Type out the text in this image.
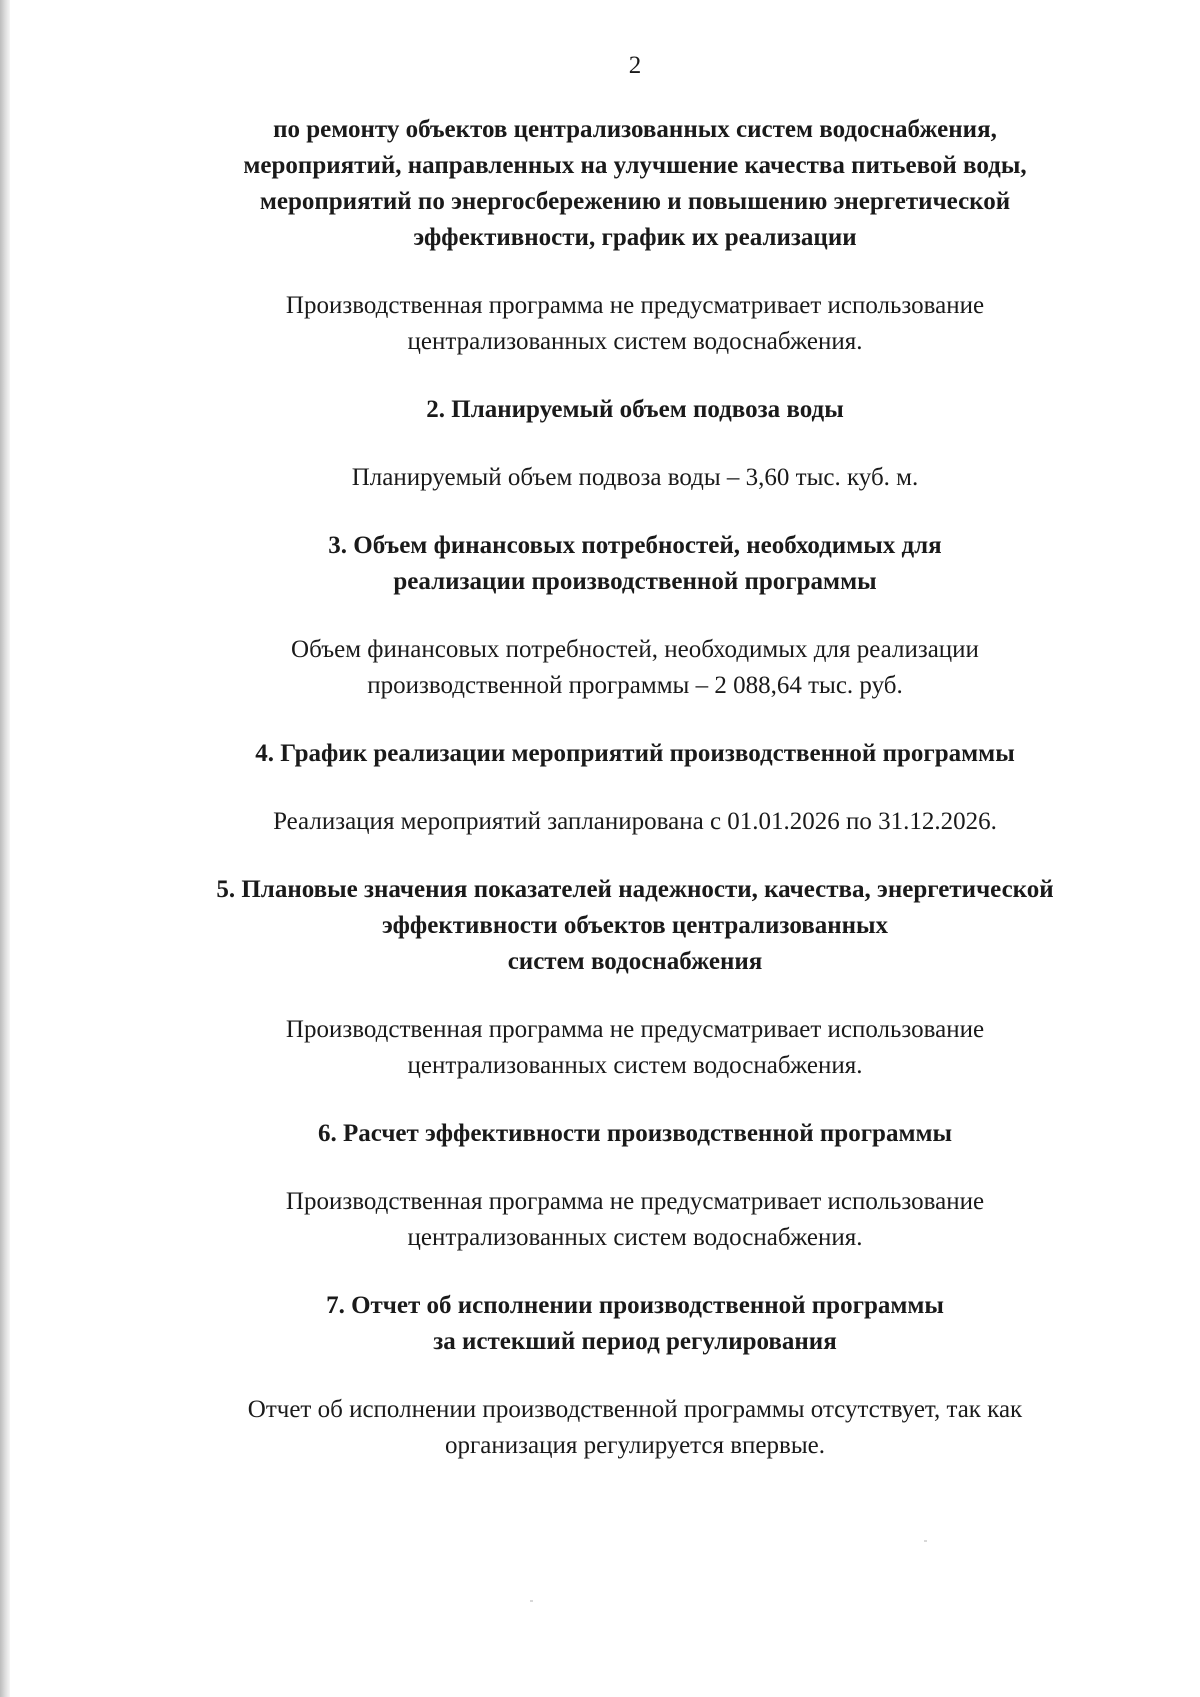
2
по ремонту объектов централизованных систем водоснабжения,
мероприятий, направленных на улучшение качества питьевой воды,
мероприятий по энергосбережению и повышению энергетической
эффективности, график их реализации
Производственная программа не предусматривает использование
централизованных систем водоснабжения.
2. Планируемый объем подвоза воды
Планируемый объем подвоза воды – 3,60 тыс. куб. м.
3. Объем финансовых потребностей, необходимых для
реализации производственной программы
Объем финансовых потребностей, необходимых для реализации
производственной программы – 2 088,64 тыс. руб.
4. График реализации мероприятий производственной программы
Реализация мероприятий запланирована с 01.01.2026 по 31.12.2026.
5. Плановые значения показателей надежности, качества, энергетической
эффективности объектов централизованных
систем водоснабжения
Производственная программа не предусматривает использование
централизованных систем водоснабжения.
6. Расчет эффективности производственной программы
Производственная программа не предусматривает использование
централизованных систем водоснабжения.
7. Отчет об исполнении производственной программы
за истекший период регулирования
Отчет об исполнении производственной программы отсутствует, так как
организация регулируется впервые.
